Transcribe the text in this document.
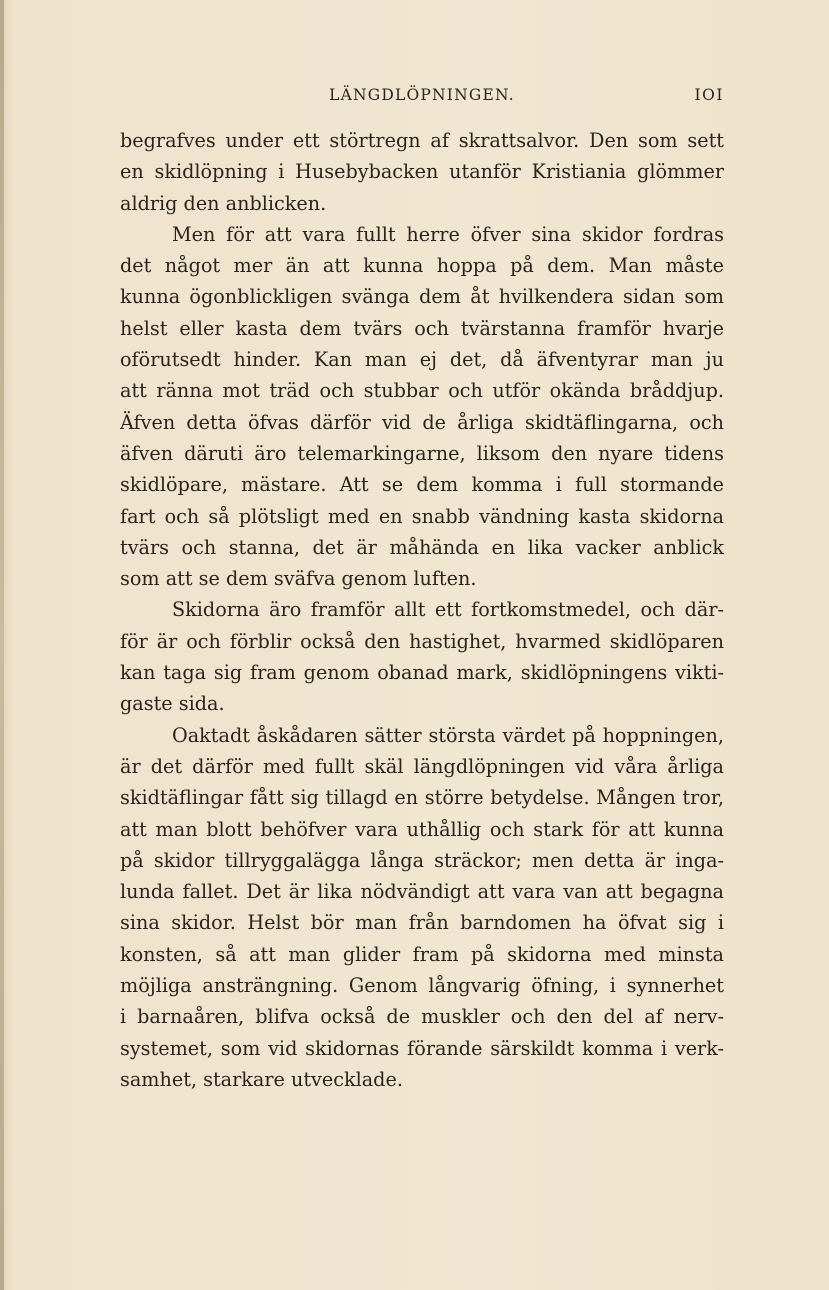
LÄNGDLÖPNINGEN.	IOI
begrafves under ett störtregn af skrattsalvor. Den som sett
en skidlöpning i Husebybacken utanför Kristiania glömmer
aldrig den anblicken.
Men för att vara fullt herre öfver sina skidor fordras
det något mer än att kunna hoppa på dem. Man måste
kunna ögonblickligen svänga dem åt hvilkendera sidan som
helst eller kasta dem tvärs och tvärstanna framför hvarje
oförutsedt hinder. Kan man ej det, då äfventyrar man ju
att ränna mot träd och stubbar och utför okända bråddjup.
Äfven detta öfvas därför vid de årliga skidtäflingarna, och
äfven däruti äro telemarkingarne, liksom den nyare tidens
skidlöpare, mästare. Att se dem komma i full stormande
fart och så plötsligt med en snabb vändning kasta skidorna
tvärs och stanna, det är måhända en lika vacker anblick
som att se dem sväfva genom luften.
Skidorna äro framför allt ett fortkomstmedel, och där-
för är och förblir också den hastighet, hvarmed skidlöparen
kan taga sig fram genom obanad mark, skidlöpningens vikti-
gaste sida.
Oaktadt åskådaren sätter största värdet på hoppningen,
är det därför med fullt skäl längdlöpningen vid våra årliga
skidtäflingar fått sig tillagd en större betydelse. Mången tror,
att man blott behöfver vara uthållig och stark för att kunna
på skidor tillryggalägga långa sträckor; men detta är inga-
lunda fallet. Det är lika nödvändigt att vara van att begagna
sina skidor. Helst bör man från barndomen ha öfvat sig i
konsten, så att man glider fram på skidorna med minsta
möjliga ansträngning. Genom långvarig öfning, i synnerhet
i barnaåren, blifva också de muskler och den del af nerv-
systemet, som vid skidornas förande särskildt komma i verk-
samhet, starkare utvecklade.
